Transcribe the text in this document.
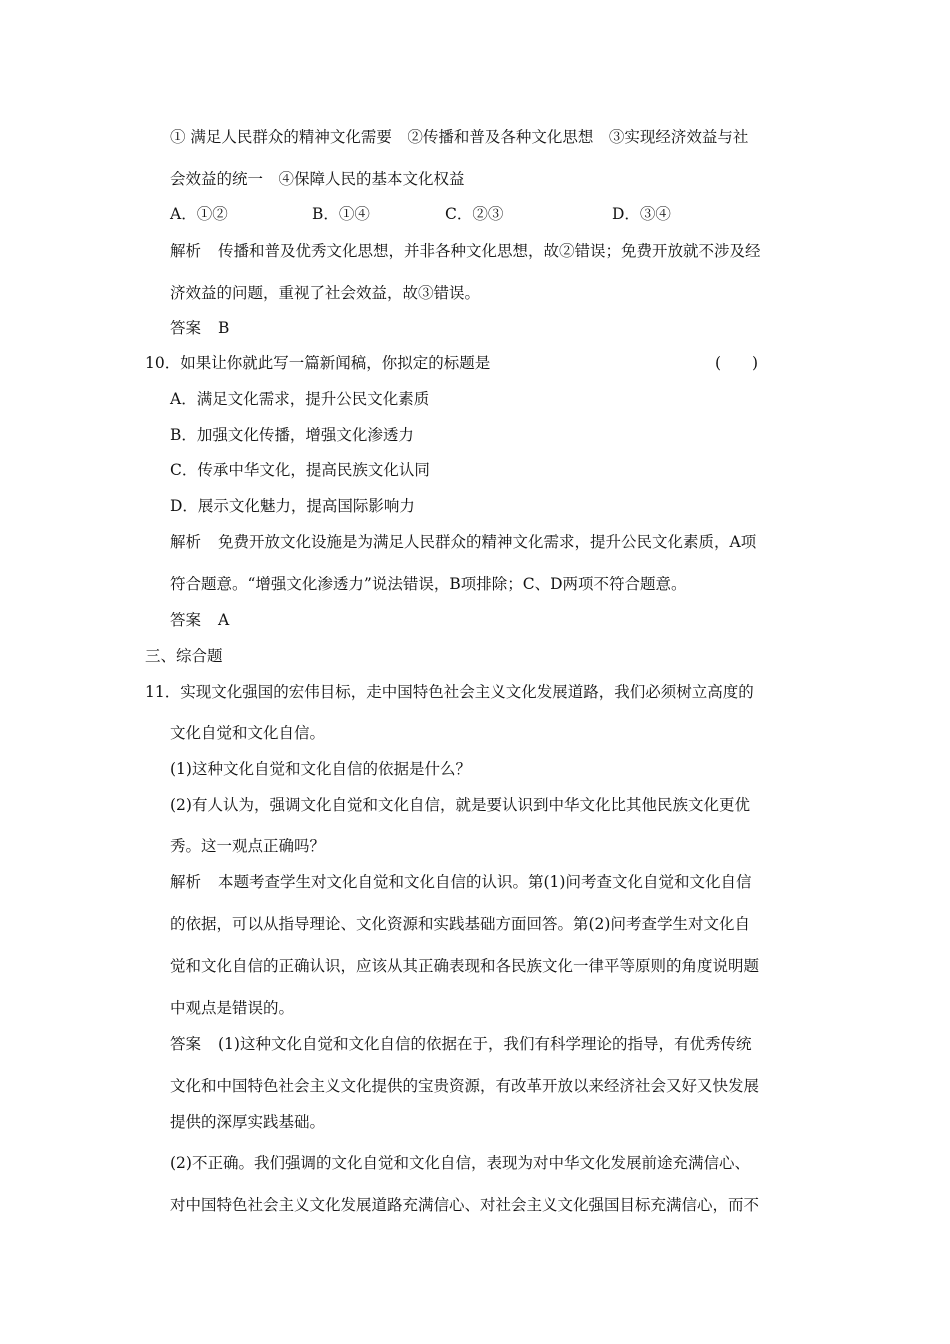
① 满足人民群众的精神文化需要　②传播和普及各种文化思想　③实现经济效益与社
会效益的统一　④保障人民的基本文化权益
A．①②	B．①④	C．②③	D．③④
解析 传播和普及优秀文化思想，并非各种文化思想，故②错误；免费开放就不涉及经
济效益的问题，重视了社会效益，故③错误。
答案 B
10．如果让你就此写一篇新闻稿，你拟定的标题是	(　　)
A．满足文化需求，提升公民文化素质
B．加强文化传播，增强文化渗透力
C．传承中华文化，提高民族文化认同
D．展示文化魅力，提高国际影响力
解析 免费开放文化设施是为满足人民群众的精神文化需求，提升公民文化素质，A项
符合题意。“增强文化渗透力”说法错误，B项排除；C、D两项不符合题意。
答案 A
三、综合题
11．实现文化强国的宏伟目标，走中国特色社会主义文化发展道路，我们必须树立高度的
文化自觉和文化自信。
(1)这种文化自觉和文化自信的依据是什么？
(2)有人认为，强调文化自觉和文化自信，就是要认识到中华文化比其他民族文化更优
秀。这一观点正确吗？
解析 本题考查学生对文化自觉和文化自信的认识。第(1)问考查文化自觉和文化自信
的依据，可以从指导理论、文化资源和实践基础方面回答。第(2)问考查学生对文化自
觉和文化自信的正确认识，应该从其正确表现和各民族文化一律平等原则的角度说明题
中观点是错误的。
答案 (1)这种文化自觉和文化自信的依据在于，我们有科学理论的指导，有优秀传统
文化和中国特色社会主义文化提供的宝贵资源，有改革开放以来经济社会又好又快发展
提供的深厚实践基础。
(2)不正确。我们强调的文化自觉和文化自信，表现为对中华文化发展前途充满信心、
对中国特色社会主义文化发展道路充满信心、对社会主义文化强国目标充满信心，而不
